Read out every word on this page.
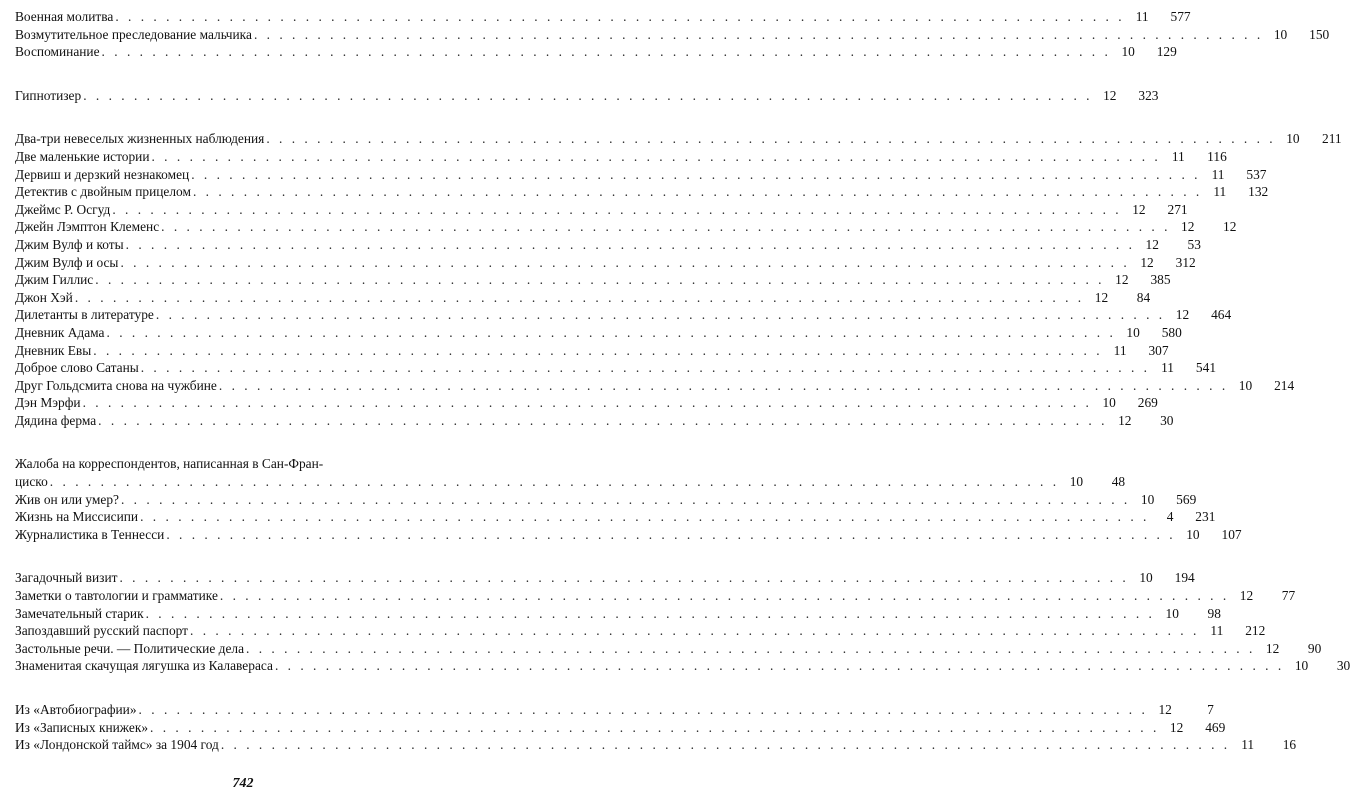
Военная молитва . . .	11	577
Возмутительное преследование мальчика . . .	10	150
Воспоминание . . .	10	129
Гипнотизер . . .	12	323
Два-три невеселых жизненных наблюдения . . .	10	211
Две маленькие истории . . .	11	116
Дервиш и дерзкий незнакомец . . .	11	537
Детектив с двойным прицелом . . .	11	132
Джеймс Р. Осгуд . . .	12	271
Джейн Лэмптон Клеменс . . .	12	12
Джим Вулф и коты . . .	12	53
Джим Вулф и осы . . .	12	312
Джим Гиллис . . .	12	385
Джон Хэй . . .	12	84
Дилетанты в литературе . . .	12	464
Дневник Адама . . .	10	580
Дневник Евы . . .	11	307
Доброе слово Сатаны . . .	11	541
Друг Гольдсмита снова на чужбине . . .	10	214
Дэн Мэрфи . . .	10	269
Дядина ферма . . .	12	30
Жалоба на корреспондентов, написанная в Сан-Фран-
циско . . .	10	48
Жив он или умер? . . .	10	569
Жизнь на Миссисипи . . .	4	231
Журналистика в Теннесси . . .	10	107
Загадочный визит . . .	10	194
Заметки о тавтологии и грамматике . . .	12	77
Замечательный старик . . .	10	98
Запоздавший русский паспорт . . .	11	212
Застольные речи. — Политические дела . . .	12	90
Знаменитая скачущая лягушка из Калавераса . . .	10	30
Из «Автобиографии» . . .	12	7
Из «Записных книжек» . . .	12	469
Из «Лондонской таймс» за 1904 год . . .	11	16
742
